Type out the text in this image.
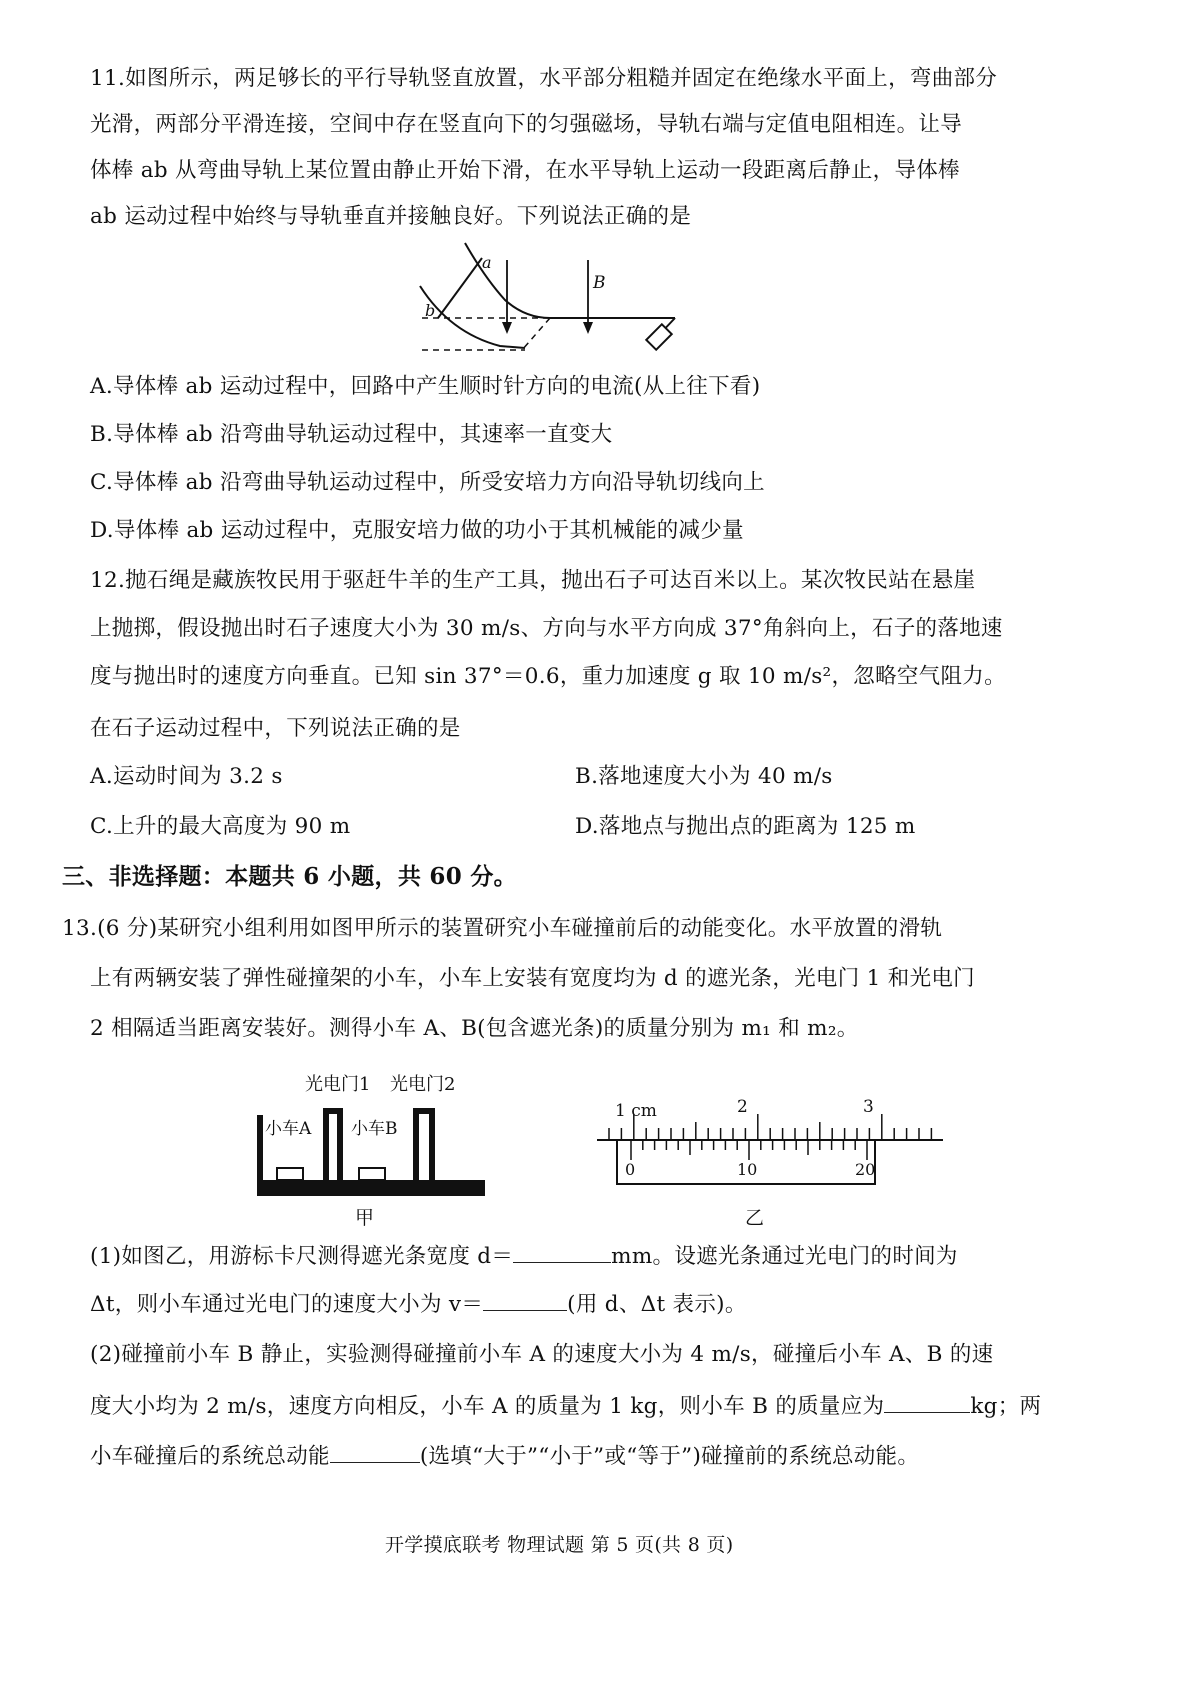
11.如图所示，两足够长的平行导轨竖直放置，水平部分粗糙并固定在绝缘水平面上，弯曲部分
光滑，两部分平滑连接，空间中存在竖直向下的匀强磁场，导轨右端与定值电阻相连。让导
体棒 ab 从弯曲导轨上某位置由静止开始下滑，在水平导轨上运动一段距离后静止，导体棒
ab 运动过程中始终与导轨垂直并接触良好。下列说法正确的是
a
b
B
A.导体棒 ab 运动过程中，回路中产生顺时针方向的电流(从上往下看)
B.导体棒 ab 沿弯曲导轨运动过程中，其速率一直变大
C.导体棒 ab 沿弯曲导轨运动过程中，所受安培力方向沿导轨切线向上
D.导体棒 ab 运动过程中，克服安培力做的功小于其机械能的减少量
12.抛石绳是藏族牧民用于驱赶牛羊的生产工具，抛出石子可达百米以上。某次牧民站在悬崖
上抛掷，假设抛出时石子速度大小为 30 m/s、方向与水平方向成 37°角斜向上，石子的落地速
度与抛出时的速度方向垂直。已知 sin 37°＝0.6，重力加速度 g 取 10 m/s²，忽略空气阻力。
在石子运动过程中，下列说法正确的是
A.运动时间为 3.2 s	B.落地速度大小为 40 m/s
C.上升的最大高度为 90 m	D.落地点与抛出点的距离为 125 m
三、非选择题：本题共 6 小题，共 60 分。
13.(6 分)某研究小组利用如图甲所示的装置研究小车碰撞前后的动能变化。水平放置的滑轨
上有两辆安装了弹性碰撞架的小车，小车上安装有宽度均为 d 的遮光条，光电门 1 和光电门
2 相隔适当距离安装好。测得小车 A、B(包含遮光条)的质量分别为 m₁ 和 m₂。
光电门1 光电门2
小车A 小车B
甲
1 cm	2	3
0	10	20
乙
(1)如图乙，用游标卡尺测得遮光条宽度 d＝	mm。设遮光条通过光电门的时间为
Δt，则小车通过光电门的速度大小为 v＝	(用 d、Δt 表示)。
(2)碰撞前小车 B 静止，实验测得碰撞前小车 A 的速度大小为 4 m/s，碰撞后小车 A、B 的速
度大小均为 2 m/s，速度方向相反，小车 A 的质量为 1 kg，则小车 B 的质量应为	kg；两
小车碰撞后的系统总动能	(选填“大于”“小于”或“等于”)碰撞前的系统总动能。
开学摸底联考 物理试题 第 5 页(共 8 页)
